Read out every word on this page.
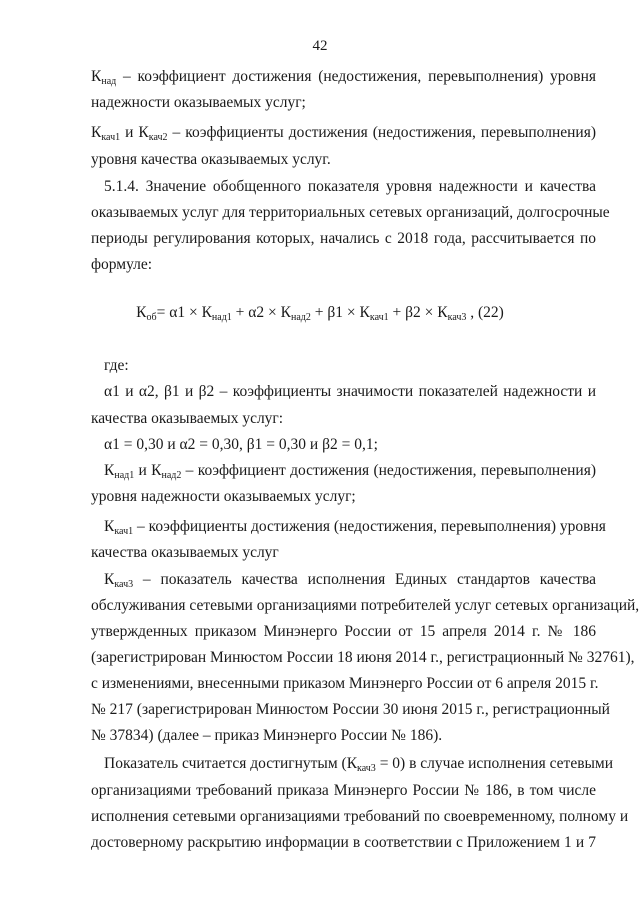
42
$К_{над}$ – коэффициент достижения (недостижения, перевыполнения) уровня
надежности оказываемых услуг;
$К_{кач1}$ и $К_{кач2}$ – коэффициенты достижения (недостижения, перевыполнения)
уровня качества оказываемых услуг.
5.1.4. Значение обобщенного показателя уровня надежности и качества
оказываемых услуг для территориальных сетевых организаций, долгосрочные
периоды регулирования которых, начались с 2018 года, рассчитывается по
формуле:
$К_{об}= \alpha 1 \times К_{над1} + \alpha 2 \times К_{над2} + \beta 1 \times К_{кач1} + \beta 2 \times К_{кач3}$ , (22)
где:
α1 и α2, β1 и β2 – коэффициенты значимости показателей надежности и
качества оказываемых услуг:
α1 = 0,30 и α2 = 0,30, β1 = 0,30 и β2 = 0,1;
$К_{над1}$ и $К_{над2}$ – коэффициент достижения (недостижения, перевыполнения)
уровня надежности оказываемых услуг;
$К_{кач1}$ – коэффициенты достижения (недостижения, перевыполнения) уровня
качества оказываемых услуг
$К_{кач3}$ – показатель качества исполнения Единых стандартов качества
обслуживания сетевыми организациями потребителей услуг сетевых организаций,
утвержденных приказом Минэнерго России от 15 апреля 2014 г. № 186
(зарегистрирован Минюстом России 18 июня 2014 г., регистрационный № 32761),
с изменениями, внесенными приказом Минэнерго России от 6 апреля 2015 г.
№ 217 (зарегистрирован Минюстом России 30 июня 2015 г., регистрационный
№ 37834) (далее – приказ Минэнерго России № 186).
Показатель считается достигнутым $(К_{кач3} = 0)$ в случае исполнения сетевыми
организациями требований приказа Минэнерго России № 186, в том числе
исполнения сетевыми организациями требований по своевременному, полному и
достоверному раскрытию информации в соответствии с Приложением 1 и 7
